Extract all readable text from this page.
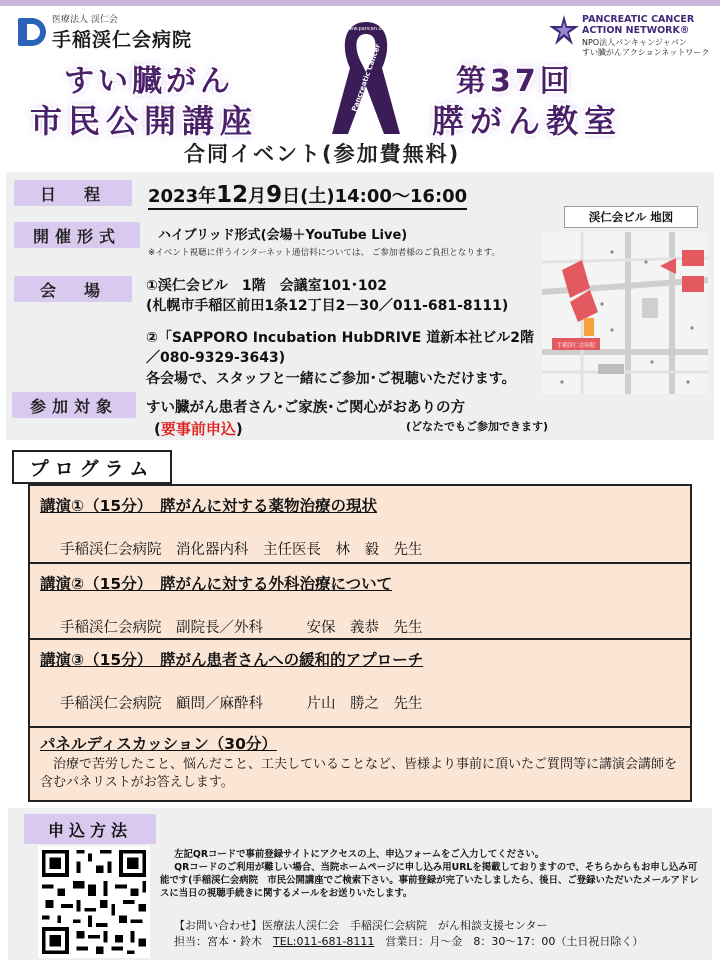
医療法人 渓仁会
手稲渓仁会病院
PANCREATIC CANCER
ACTION NETWORK®
NPO法人パンキャンジャパン
すい臓がんアクションネットワーク
すい臓がん
市民公開講座
第37回
膵がん教室
www.pancan.org
Pancreatic Cancer
合同イベント(参加費無料)
日　程	2023年12月9日(土)14:00～16:00
開催形式	ハイブリッド形式(会場＋YouTube Live)
※イベント視聴に伴うインターネット通信料については、 ご参加者様のご負担となります。
会　場	①渓仁会ビル　1階　会議室101･102
(札幌市手稲区前田1条12丁目2－30／011-681-8111)
②「SAPPORO Incubation HubDRIVE 道新本社ビル2階
／080-9329-3643)
各会場で、スタッフと一緒にご参加･ご視聴いただけます。
参加対象	すい臓がん患者さん･ご家族･ご関心がおありの方
(要事前申込)	(どなたでもご参加できます)
渓仁会ビル 地図
手稲渓仁会病院
プログラム
講演①（15分）　膵がんに対する薬物治療の現状
手稲渓仁会病院　消化器内科　主任医長　林　毅　先生
講演②（15分）　膵がんに対する外科治療について
手稲渓仁会病院　副院長／外科　　　安保　義恭　先生
講演③（15分）　膵がん患者さんへの緩和的アプローチ
手稲渓仁会病院　顧問／麻酔科　　　片山　勝之　先生
パネルディスカッション（30分）
治療で苦労したこと、悩んだこと、工夫していることなど、皆様より事前に頂いたご質問等に講演会講師を含むパネリストがお答えします。
申込方法

左記QRコードで事前登録サイトにアクセスの上、申込フォームをご入力してください。

QRコードのご利用が難しい場合、当院ホームページに申し込み用URLを掲載しておりますので、そちらからもお申し込み可能です(手稲渓仁会病院　市民公開講座でご検索下さい。事前登録が完了いたしましたら、後日、ご登録いただいたメールアドレスに当日の視聴手続きに関するメールをお送りいたします。

【お問い合わせ】医療法人渓仁会　手稲渓仁会病院　がん相談支援センター
担当：宮本・鈴木　TEL:011-681-8111　営業日：月～金　8：30～17：00（土日祝日除く）
